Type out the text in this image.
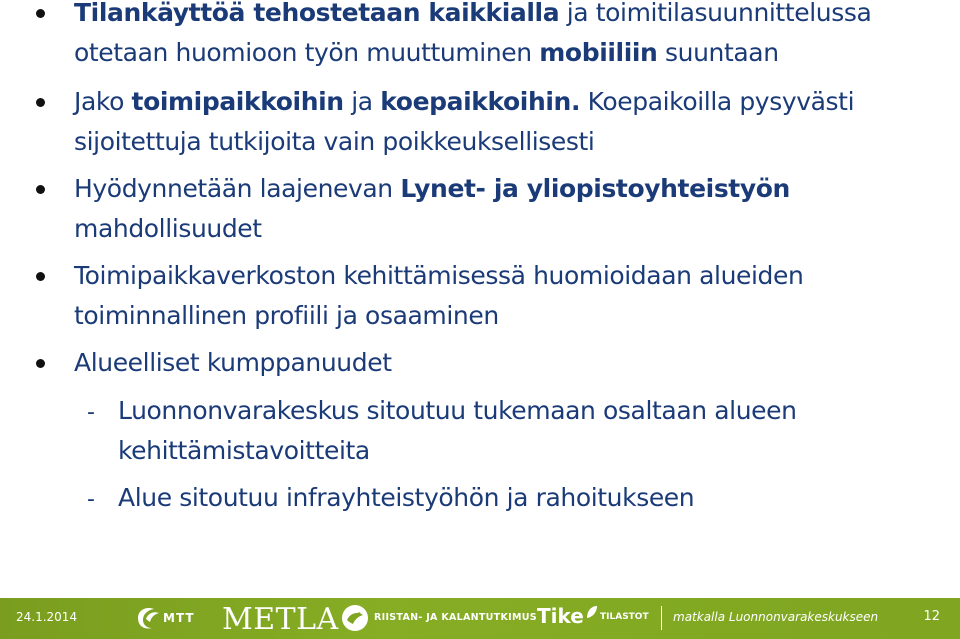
Tilankäyttöä tehostetaan kaikkialla ja toimitilasuunnittelussa
otetaan huomioon työn muuttuminen mobiiliin suuntaan
Jako toimipaikkoihin ja koepaikkoihin. Koepaikoilla pysyvästi
sijoitettuja tutkijoita vain poikkeuksellisesti
Hyödynnetään laajenevan Lynet- ja yliopistoyhteistyön
mahdollisuudet
Toimipaikkaverkoston kehittämisessä huomioidaan alueiden
toiminnallinen profiili ja osaaminen
Alueelliset kumppanuudet
- Luonnonvarakeskus sitoutuu tukemaan osaltaan alueen
kehittämistavoitteita
- Alue sitoutuu infrayhteistyöhön ja rahoitukseen
24.1.2014	MTT METLA	RIISTAN- JA KALANTUTKIMUS Tike TILASTOT matkalla Luonnonvarakeskukseen	12
